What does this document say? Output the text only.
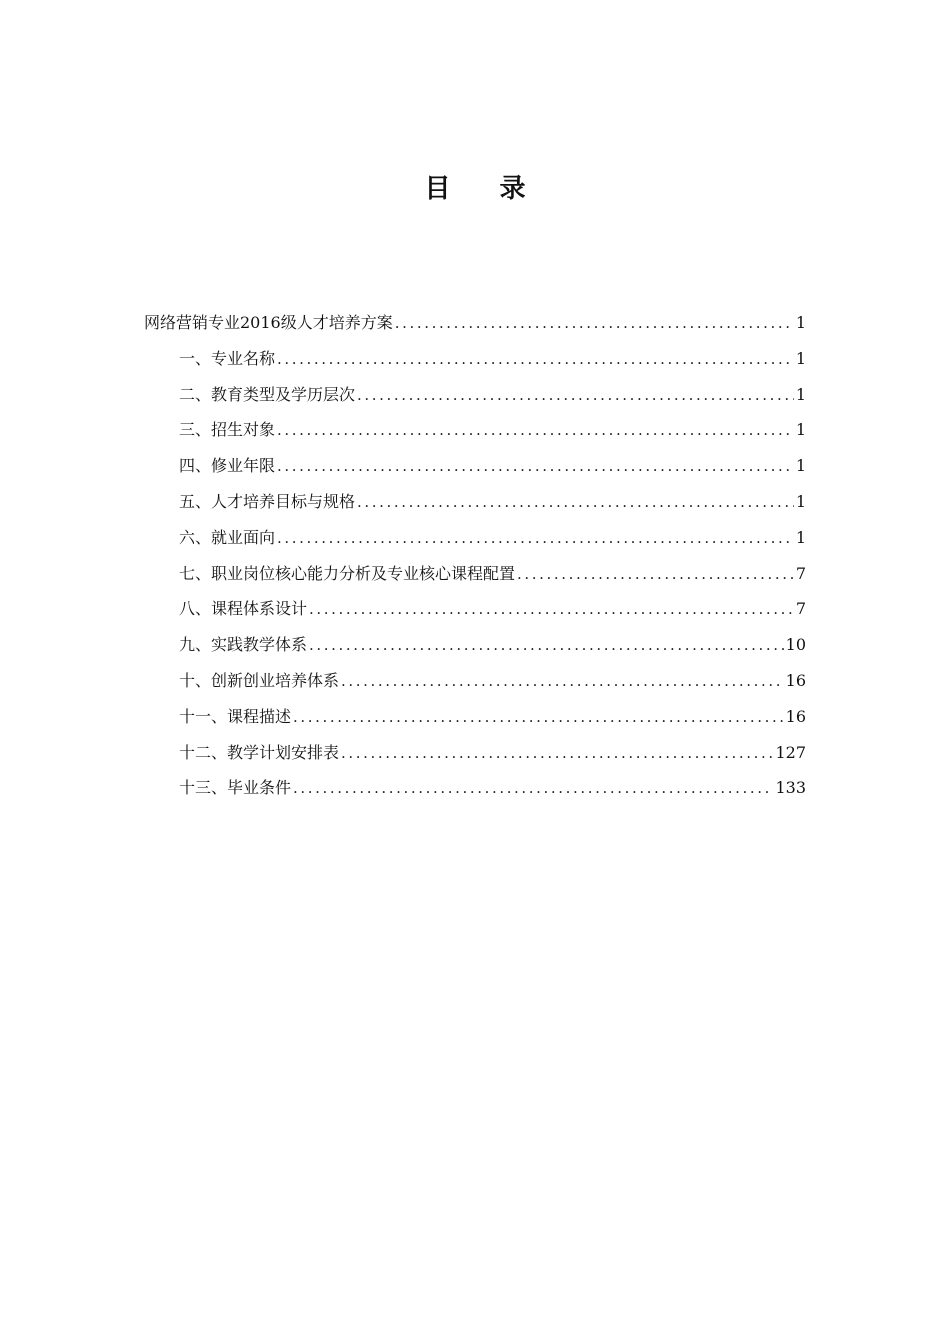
目 录
网络营销专业2016级人才培养方案 .....	1
一、专业名称 .....	1
二、教育类型及学历层次 .....	1
三、招生对象 .....	1
四、修业年限 .....	1
五、人才培养目标与规格 .....	1
六、就业面向 .....	1
七、职业岗位核心能力分析及专业核心课程配置 .....	7
八、课程体系设计 .....	7
九、实践教学体系 .....	10
十、创新创业培养体系 .....	16
十一、课程描述 .....	16
十二、教学计划安排表 .....	127
十三、毕业条件 .....	133
